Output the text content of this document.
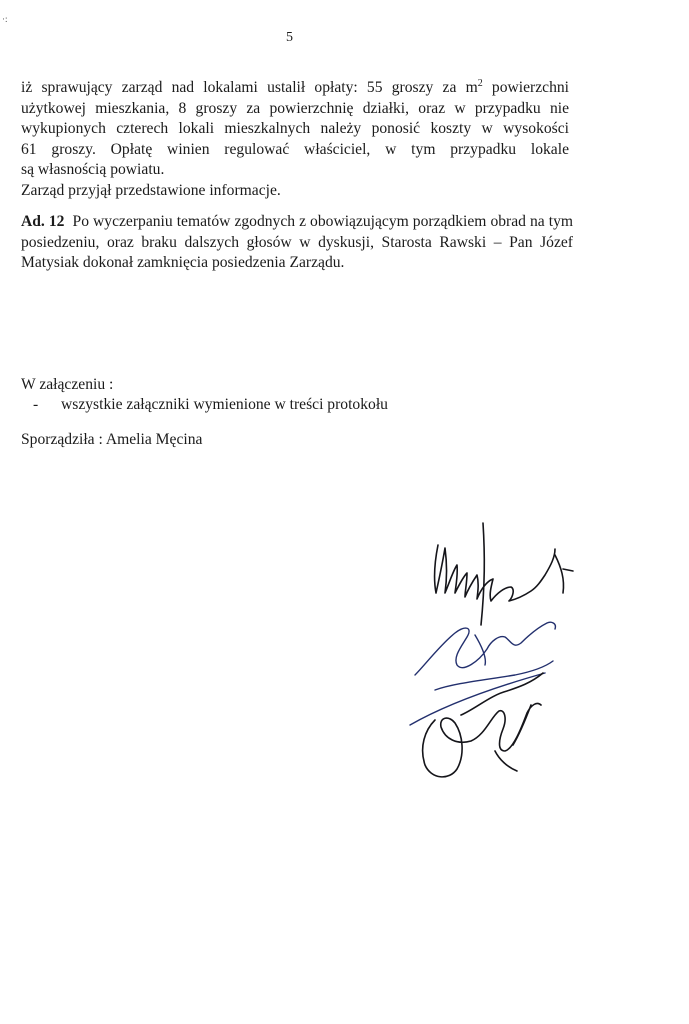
·:
5

iż sprawujący zarząd nad lokalami ustalił opłaty: 55 groszy za $m^2$ powierzchni

użytkowej mieszkania, 8 groszy za powierzchnię działki, oraz w przypadku nie

wykupionych czterech lokali mieszkalnych należy ponosić koszty w wysokości

61 groszy. Opłatę winien regulować właściciel, w tym przypadku lokale

są własnością powiatu.

Zarząd przyjął przedstawione informacje.

Ad. 12 Po wyczerpaniu tematów zgodnych z obowiązującym porządkiem obrad na tym posiedzeniu, oraz braku dalszych głosów w dyskusji, Starosta Rawski – Pan Józef Matysiak dokonał zamknięcia posiedzenia Zarządu.
W załączeniu :
- wszystkie załączniki wymienione w treści protokołu
Sporządziła : Amelia Męcina
